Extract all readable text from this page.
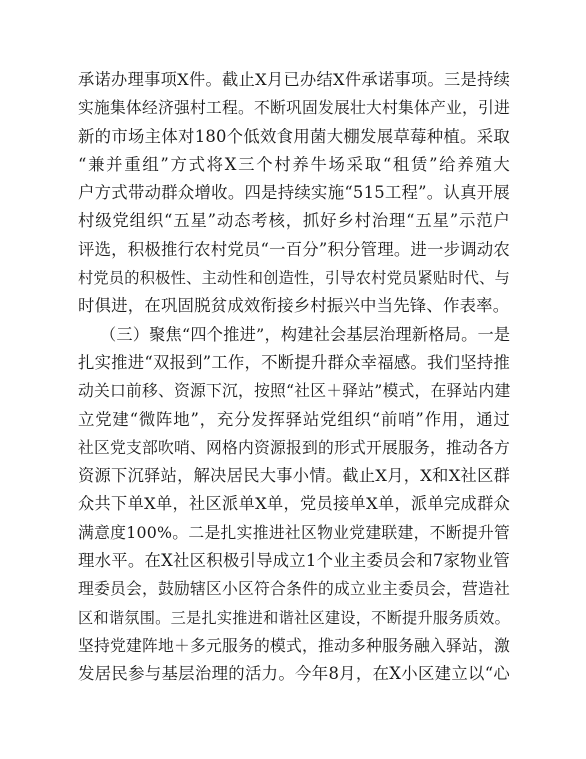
承诺办理事项X件。截止X月已办结X件承诺事项。三是持续
实施集体经济强村工程。不断巩固发展壮大村集体产业，引进
新的市场主体对180个低效食用菌大棚发展草莓种植。采取
“兼并重组”方式将X三个村养牛场采取“租赁”给养殖大
户方式带动群众增收。四是持续实施“515工程”。认真开展
村级党组织“五星”动态考核，抓好乡村治理“五星”示范户
评选，积极推行农村党员“一百分”积分管理。进一步调动农
村党员的积极性、主动性和创造性，引导农村党员紧贴时代、与
时俱进，在巩固脱贫成效衔接乡村振兴中当先锋、作表率。
（三）聚焦“四个推进”，构建社会基层治理新格局。一是
扎实推进“双报到”工作，不断提升群众幸福感。我们坚持推
动关口前移、资源下沉，按照“社区＋驿站”模式，在驿站内建
立党建“微阵地”，充分发挥驿站党组织“前哨”作用，通过
社区党支部吹哨、网格内资源报到的形式开展服务，推动各方
资源下沉驿站，解决居民大事小情。截止X月，X和X社区群
众共下单X单，社区派单X单，党员接单X单，派单完成群众
满意度100%。二是扎实推进社区物业党建联建，不断提升管
理水平。在X社区积极引导成立1个业主委员会和7家物业管
理委员会，鼓励辖区小区符合条件的成立业主委员会，营造社
区和谐氛围。三是扎实推进和谐社区建设，不断提升服务质效。
坚持党建阵地＋多元服务的模式，推动多种服务融入驿站，激
发居民参与基层治理的活力。今年8月，在X小区建立以“心
